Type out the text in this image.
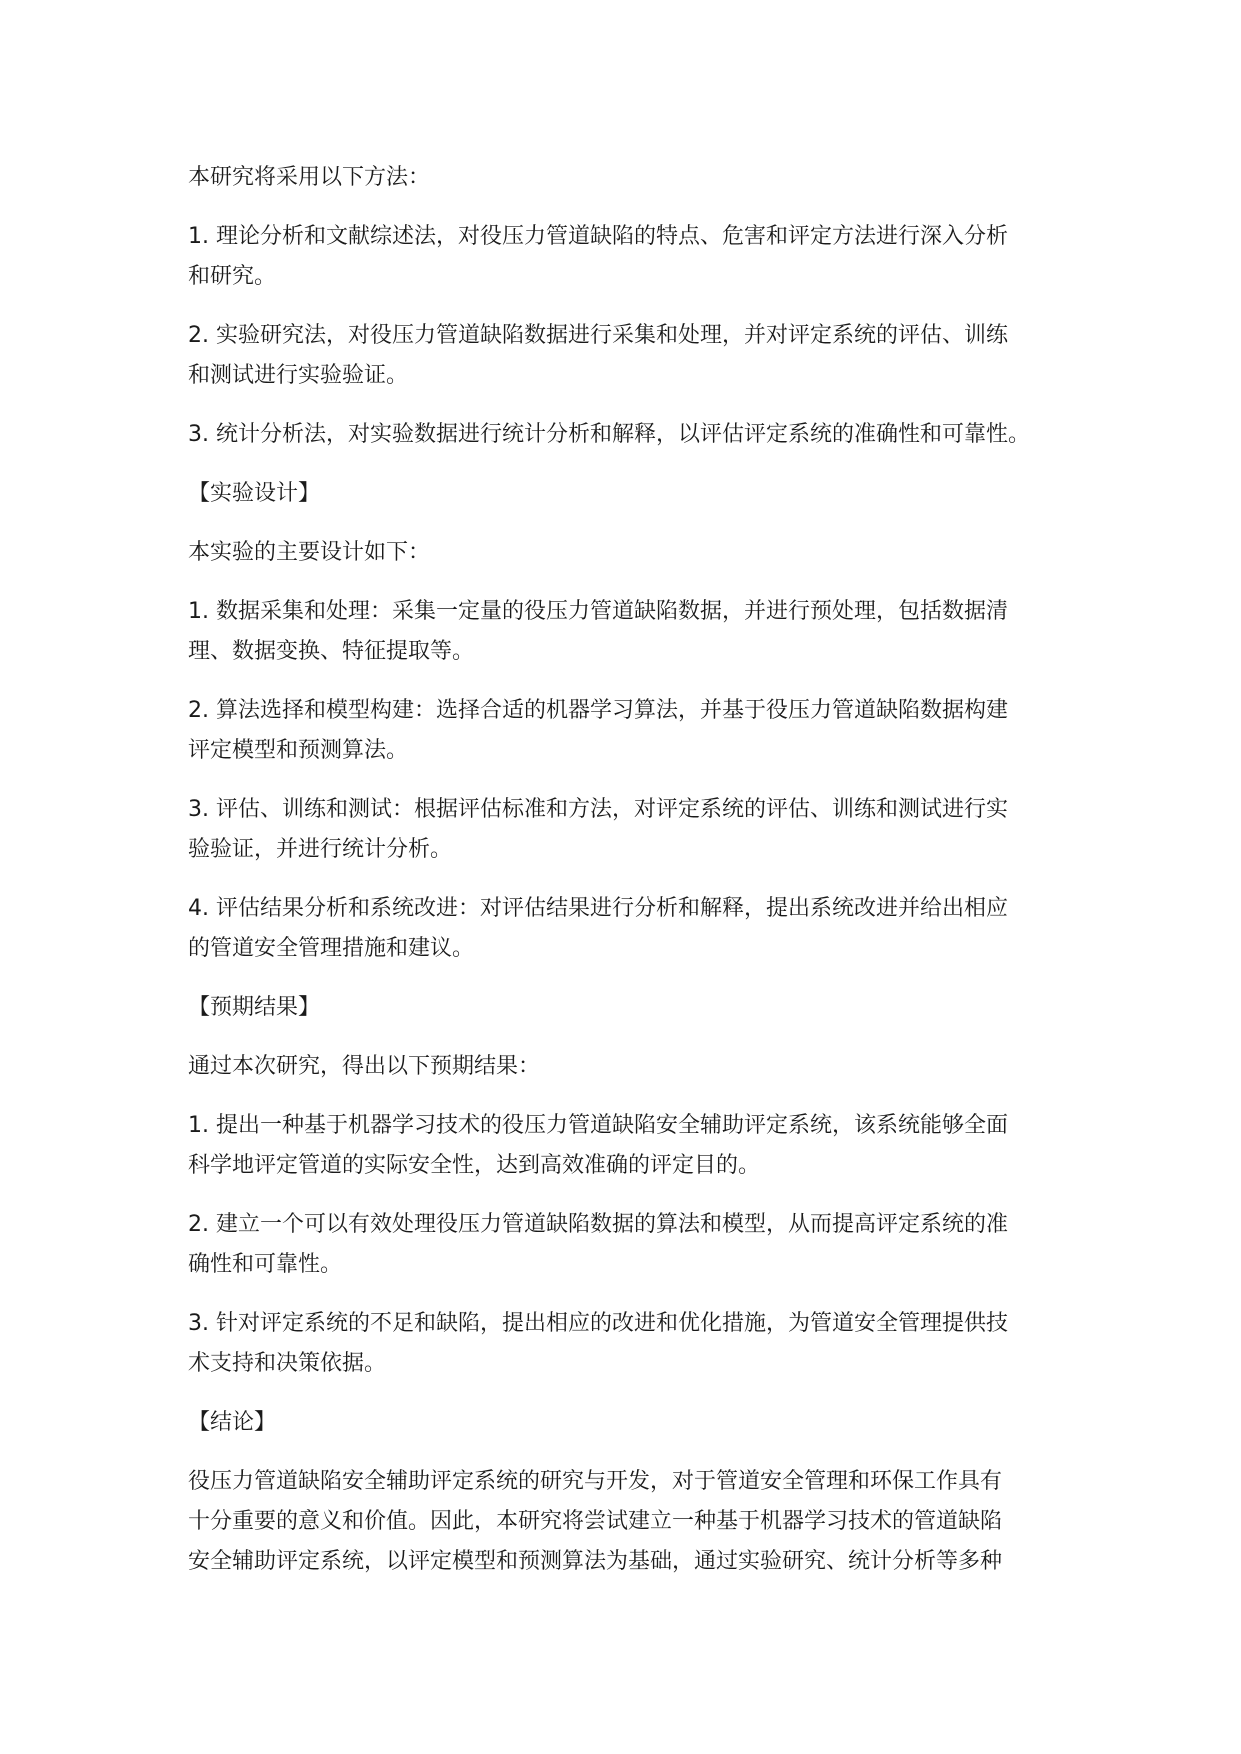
本研究将采用以下方法：

1. 理论分析和文献综述法，对役压力管道缺陷的特点、危害和评定方法进行深入分析
和研究。

2. 实验研究法，对役压力管道缺陷数据进行采集和处理，并对评定系统的评估、训练
和测试进行实验验证。

3. 统计分析法，对实验数据进行统计分析和解释，以评估评定系统的准确性和可靠性。

【实验设计】

本实验的主要设计如下：

1. 数据采集和处理：采集一定量的役压力管道缺陷数据，并进行预处理，包括数据清
理、数据变换、特征提取等。

2. 算法选择和模型构建：选择合适的机器学习算法，并基于役压力管道缺陷数据构建
评定模型和预测算法。

3. 评估、训练和测试：根据评估标准和方法，对评定系统的评估、训练和测试进行实
验验证，并进行统计分析。

4. 评估结果分析和系统改进：对评估结果进行分析和解释，提出系统改进并给出相应
的管道安全管理措施和建议。

【预期结果】

通过本次研究，得出以下预期结果：

1. 提出一种基于机器学习技术的役压力管道缺陷安全辅助评定系统，该系统能够全面
科学地评定管道的实际安全性，达到高效准确的评定目的。

2. 建立一个可以有效处理役压力管道缺陷数据的算法和模型，从而提高评定系统的准
确性和可靠性。

3. 针对评定系统的不足和缺陷，提出相应的改进和优化措施，为管道安全管理提供技
术支持和决策依据。

【结论】

役压力管道缺陷安全辅助评定系统的研究与开发，对于管道安全管理和环保工作具有
十分重要的意义和价值。因此，本研究将尝试建立一种基于机器学习技术的管道缺陷
安全辅助评定系统，以评定模型和预测算法为基础，通过实验研究、统计分析等多种
